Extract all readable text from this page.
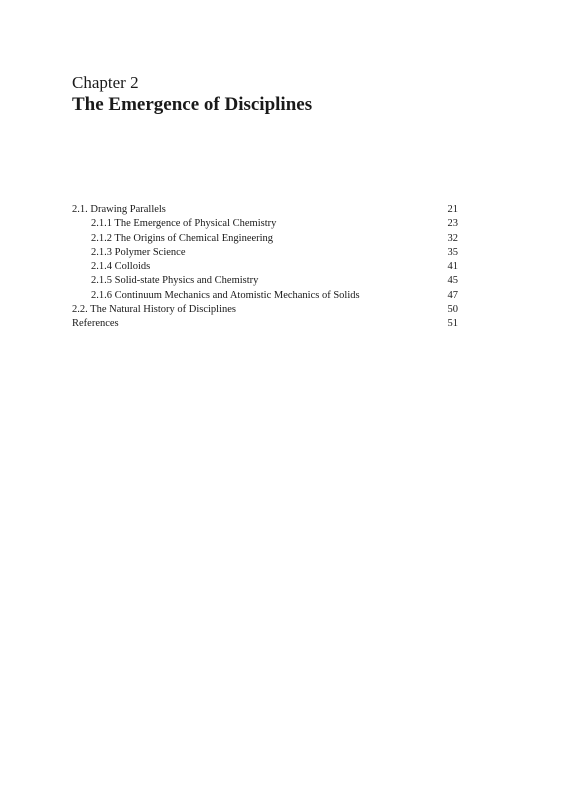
Chapter 2
The Emergence of Disciplines
2.1. Drawing Parallels	21
2.1.1 The Emergence of Physical Chemistry	23
2.1.2 The Origins of Chemical Engineering	32
2.1.3 Polymer Science	35
2.1.4 Colloids	41
2.1.5 Solid-state Physics and Chemistry	45
2.1.6 Continuum Mechanics and Atomistic Mechanics of Solids	47
2.2. The Natural History of Disciplines	50
References	51
